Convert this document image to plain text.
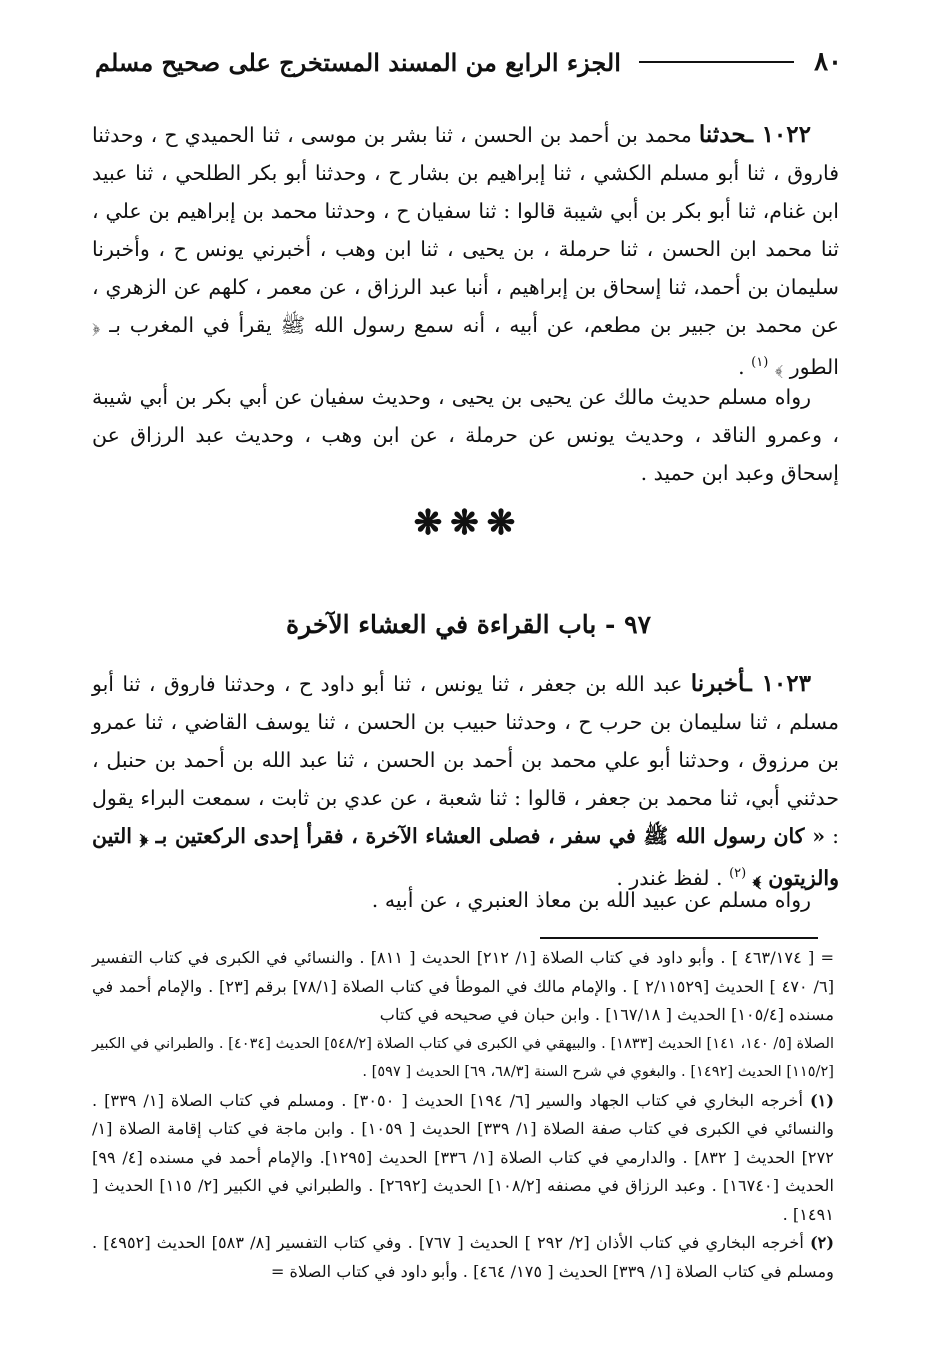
٨٠
الجزء الرابع من المسند المستخرج على صحيح مسلم

١٠٢٢ ـحدثنا محمد بن أحمد بن الحسن ، ثنا بشر بن موسى ، ثنا الحميدي ح ، وحدثنا فاروق ، ثنا أبو مسلم الكشي ، ثنا إبراهيم بن بشار ح ، وحدثنا أبو بكر الطلحي ، ثنا عبيد ابن غنام، ثنا أبو بكر بن أبي شيبة قالوا : ثنا سفيان ح ، وحدثنا محمد بن إبراهيم بن علي ، ثنا محمد ابن الحسن ، ثنا حرملة ، بن يحيى ، ثنا ابن وهب ، أخبرني يونس ح ، وأخبرنا سليمان بن أحمد، ثنا إسحاق بن إبراهيم ، أنبا عبد الرزاق ، عن معمر ، كلهم عن الزهري ، عن محمد بن جبير بن مطعم، عن أبيه ، أنه سمع رسول الله ﷺ يقرأ في المغرب بـ ﴿ الطور ﴾ $^{(١)}$ .

رواه مسلم حديث مالك عن يحيى بن يحيى ، وحديث سفيان عن أبي بكر بن أبي شيبة ، وعمرو الناقد ، وحديث يونس عن حرملة ، عن ابن وهب ، وحديث عبد الرزاق عن إسحاق وعبد ابن حميد .

❋❋❋
٩٧ - باب القراءة في العشاء الآخرة

١٠٢٣ ـأخبرنا عبد الله بن جعفر ، ثنا يونس ، ثنا أبو داود ح ، وحدثنا فاروق ، ثنا أبو مسلم ، ثنا سليمان بن حرب ح ، وحدثنا حبيب بن الحسن ، ثنا يوسف القاضي ، ثنا عمرو بن مرزوق ، وحدثنا أبو علي محمد بن أحمد بن الحسن ، ثنا عبد الله بن أحمد بن حنبل ، حدثني أبي، ثنا محمد بن جعفر ، قالوا : ثنا شعبة ، عن عدي بن ثابت ، سمعت البراء يقول : « كان رسول الله ﷺ في سفر ، فصلى العشاء الآخرة ، فقرأ إحدى الركعتين بـ ﴿ التين والزيتون ﴾ $^{(٢)}$ . لفظ غندر .

رواه مسلم عن عبيد الله بن معاذ العنبري ، عن أبيه .

= [ ٤٦٣/١٧٤ ] . وأبو داود في كتاب الصلاة [١/ ٢١٢] الحديث [ ٨١١] . والنسائي في الكبرى في كتاب التفسير [٦/ ٤٧٠ ] الحديث [٢/١١٥٢٩ ] . والإمام مالك في الموطأ في كتاب الصلاة [٧٨/١] برقم [٢٣] . والإمام أحمد في مسنده [١٠٥/٤] الحديث [ ١٦٧/١٨] . وابن حبان في صحيحه في كتاب

الصلاة [٥/ ١٤٠، ١٤١] الحديث [١٨٣٣] . والبيهقي في الكبرى في كتاب الصلاة [٥٤٨/٢] الحديث [٤٠٣٤] . والطبراني في الكبير [١١٥/٢] الحديث [١٤٩٢] . والبغوي في شرح السنة [٦٨/٣، ٦٩] الحديث [ ٥٩٧] .

(١) أخرجه البخاري في كتاب الجهاد والسير [٦/ ١٩٤] الحديث [ ٣٠٥٠] . ومسلم في كتاب الصلاة [١/ ٣٣٩] . والنسائي في الكبرى في كتاب صفة الصلاة [١/ ٣٣٩] الحديث [ ١٠٥٩] . وابن ماجة في كتاب إقامة الصلاة [١/ ٢٧٢] الحديث [ ٨٣٢] . والدارمي في كتاب الصلاة [١/ ٣٣٦] الحديث [١٢٩٥]. والإمام أحمد في مسنده [٤/ ٩٩] الحديث [١٦٧٤٠] . وعبد الرزاق في مصنفه [١٠٨/٢] الحديث [٢٦٩٢] . والطبراني في الكبير [٢/ ١١٥] الحديث [ ١٤٩١] .

(٢) أخرجه البخاري في كتاب الأذان [٢/ ٢٩٢ ] الحديث [ ٧٦٧] . وفي كتاب التفسير [٨/ ٥٨٣] الحديث [٤٩٥٢] . ومسلم في كتاب الصلاة [١/ ٣٣٩] الحديث [ ١٧٥/ ٤٦٤] . وأبو داود في كتاب الصلاة =
